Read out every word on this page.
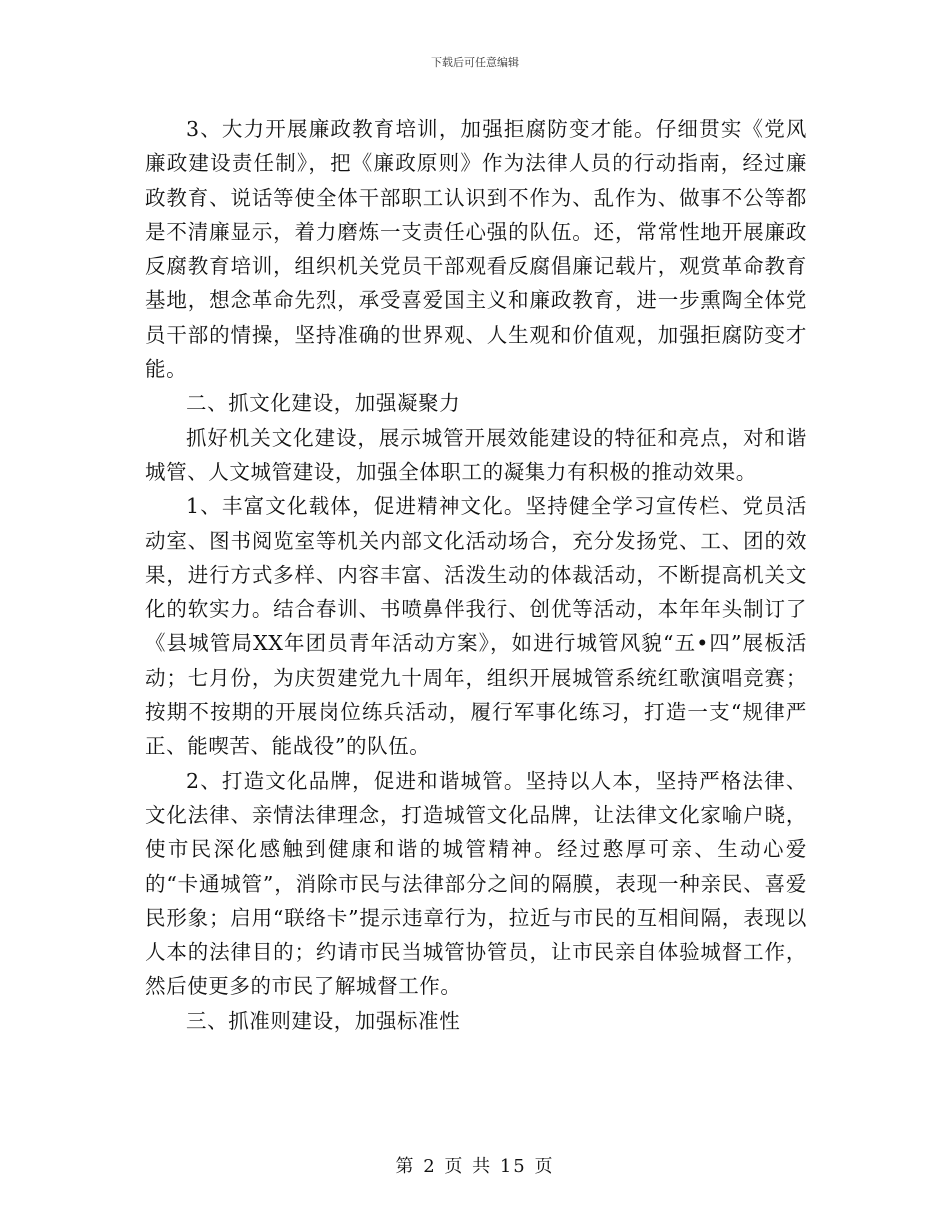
下载后可任意编辑

3、大力开展廉政教育培训，加强拒腐防变才能。仔细贯实《党风廉政建设责任制》，把《廉政原则》作为法律人员的行动指南，经过廉政教育、说话等使全体干部职工认识到不作为、乱作为、做事不公等都是不清廉显示，着力磨炼一支责任心强的队伍。还，常常性地开展廉政反腐教育培训，组织机关党员干部观看反腐倡廉记载片，观赏革命教育基地，想念革命先烈，承受喜爱国主义和廉政教育，进一步熏陶全体党员干部的情操，坚持准确的世界观、人生观和价值观，加强拒腐防变才能。

二、抓文化建设，加强凝聚力

抓好机关文化建设，展示城管开展效能建设的特征和亮点，对和谐城管、人文城管建设，加强全体职工的凝集力有积极的推动效果。

1、丰富文化载体，促进精神文化。坚持健全学习宣传栏、党员活动室、图书阅览室等机关内部文化活动场合，充分发扬党、工、团的效果，进行方式多样、内容丰富、活泼生动的体裁活动，不断提高机关文化的软实力。结合春训、书喷鼻伴我行、创优等活动，本年年头制订了《县城管局XX年团员青年活动方案》，如进行城管风貌“五•四”展板活动；七月份，为庆贺建党九十周年，组织开展城管系统红歌演唱竞赛；按期不按期的开展岗位练兵活动，履行军事化练习，打造一支“规律严正、能喫苦、能战役”的队伍。

2、打造文化品牌，促进和谐城管。坚持以人本，坚持严格法律、文化法律、亲情法律理念，打造城管文化品牌，让法律文化家喻户晓，使市民深化感触到健康和谐的城管精神。经过憨厚可亲、生动心爱的“卡通城管”，消除市民与法律部分之间的隔膜，表现一种亲民、喜爱民形象；启用“联络卡”提示违章行为，拉近与市民的互相间隔，表现以人本的法律目的；约请市民当城管协管员，让市民亲自体验城督工作，然后使更多的市民了解城督工作。

三、抓准则建设，加强标准性

第 2 页 共 15 页
